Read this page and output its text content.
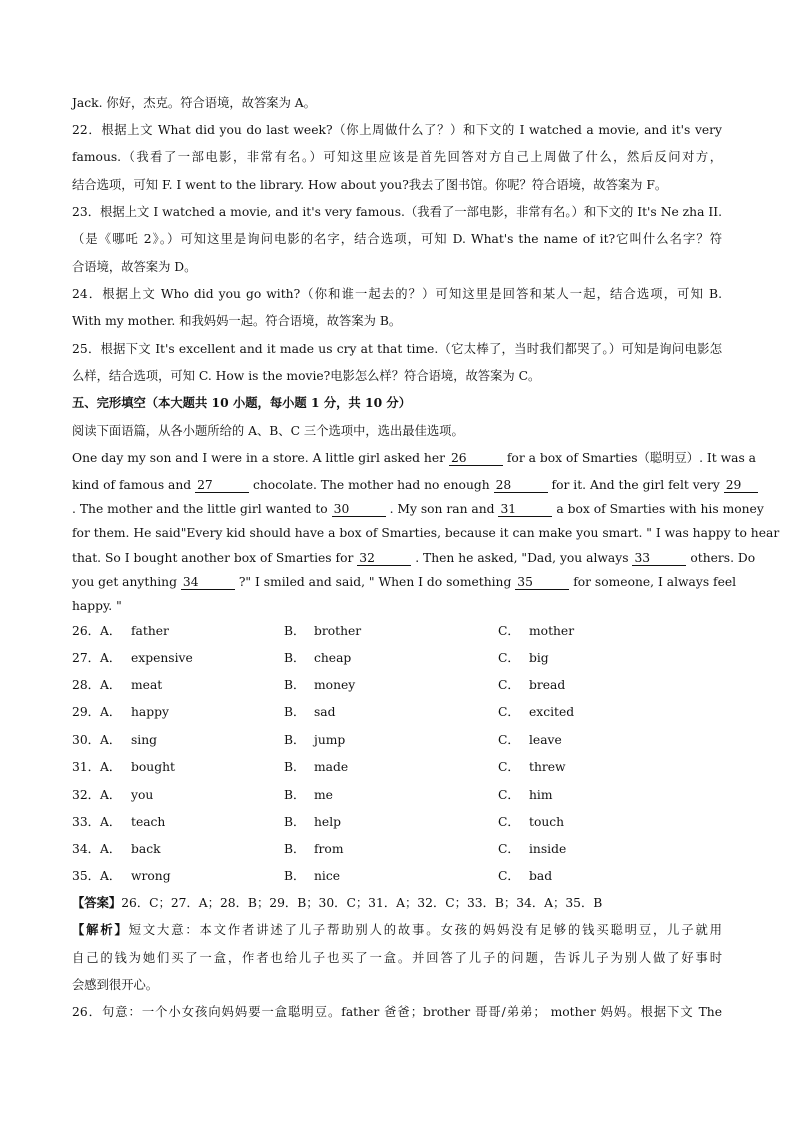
Jack. 你好，杰克。符合语境，故答案为 A。
22．根据上文 What did you do last week?（你上周做什么了？）和下文的 I watched a movie, and it's very
famous.（我看了一部电影，非常有名。）可知这里应该是首先回答对方自己上周做了什么，然后反问对方，
结合选项，可知 F. I went to the library. How about you?我去了图书馆。你呢？符合语境，故答案为 F。
23．根据上文 I watched a movie, and it's very famous.（我看了一部电影，非常有名。）和下文的 It's Ne zha II.
（是《哪吒 2》。）可知这里是询问电影的名字，结合选项，可知 D. What's the name of it?它叫什么名字？符
合语境，故答案为 D。
24．根据上文 Who did you go with?（你和谁一起去的？）可知这里是回答和某人一起，结合选项，可知 B.
With my mother. 和我妈妈一起。符合语境，故答案为 B。
25．根据下文 It's excellent and it made us cry at that time.（它太棒了，当时我们都哭了。）可知是询问电影怎
么样，结合选项，可知 C. How is the movie?电影怎么样？符合语境，故答案为 C。
五、完形填空（本大题共 10 小题，每小题 1 分，共 10 分）
阅读下面语篇，从各小题所给的 A、B、C 三个选项中，选出最佳选项。
One day my son and I were in a store. A little girl asked her 26	for a box of Smarties（聪明豆）. It was a
kind of famous and 27	chocolate. The mother had no enough 28	for it. And the girl felt very 29
. The mother and the little girl wanted to 30	. My son ran and 31	a box of Smarties with his money
for them. He said"Every kid should have a box of Smarties, because it can make you smart. " I was happy to hear
that. So I bought another box of Smarties for 32	. Then he asked, "Dad, you always 33	others. Do
you get anything 34	?" I smiled and said, " When I do something 35	for someone, I always feel
happy. "
26．A． father	B． brother	C． mother
27．A． expensive	B． cheap	C． big
28．A． meat	B． money	C． bread
29．A． happy	B． sad	C． excited
30．A． sing	B． jump	C． leave
31．A． bought	B． made	C． threw
32．A． you	B． me	C． him
33．A． teach	B． help	C． touch
34．A． back	B． from	C． inside
35．A． wrong	B． nice	C． bad
【答案】26．C；27．A；28．B；29．B；30．C；31．A；32．C；33．B；34．A；35．B
【解析】短文大意：本文作者讲述了儿子帮助别人的故事。女孩的妈妈没有足够的钱买聪明豆，儿子就用
自己的钱为她们买了一盒，作者也给儿子也买了一盒。并回答了儿子的问题，告诉儿子为别人做了好事时
会感到很开心。
26．句意：一个小女孩向妈妈要一盒聪明豆。father 爸爸；brother 哥哥/弟弟； mother 妈妈。根据下文 The
